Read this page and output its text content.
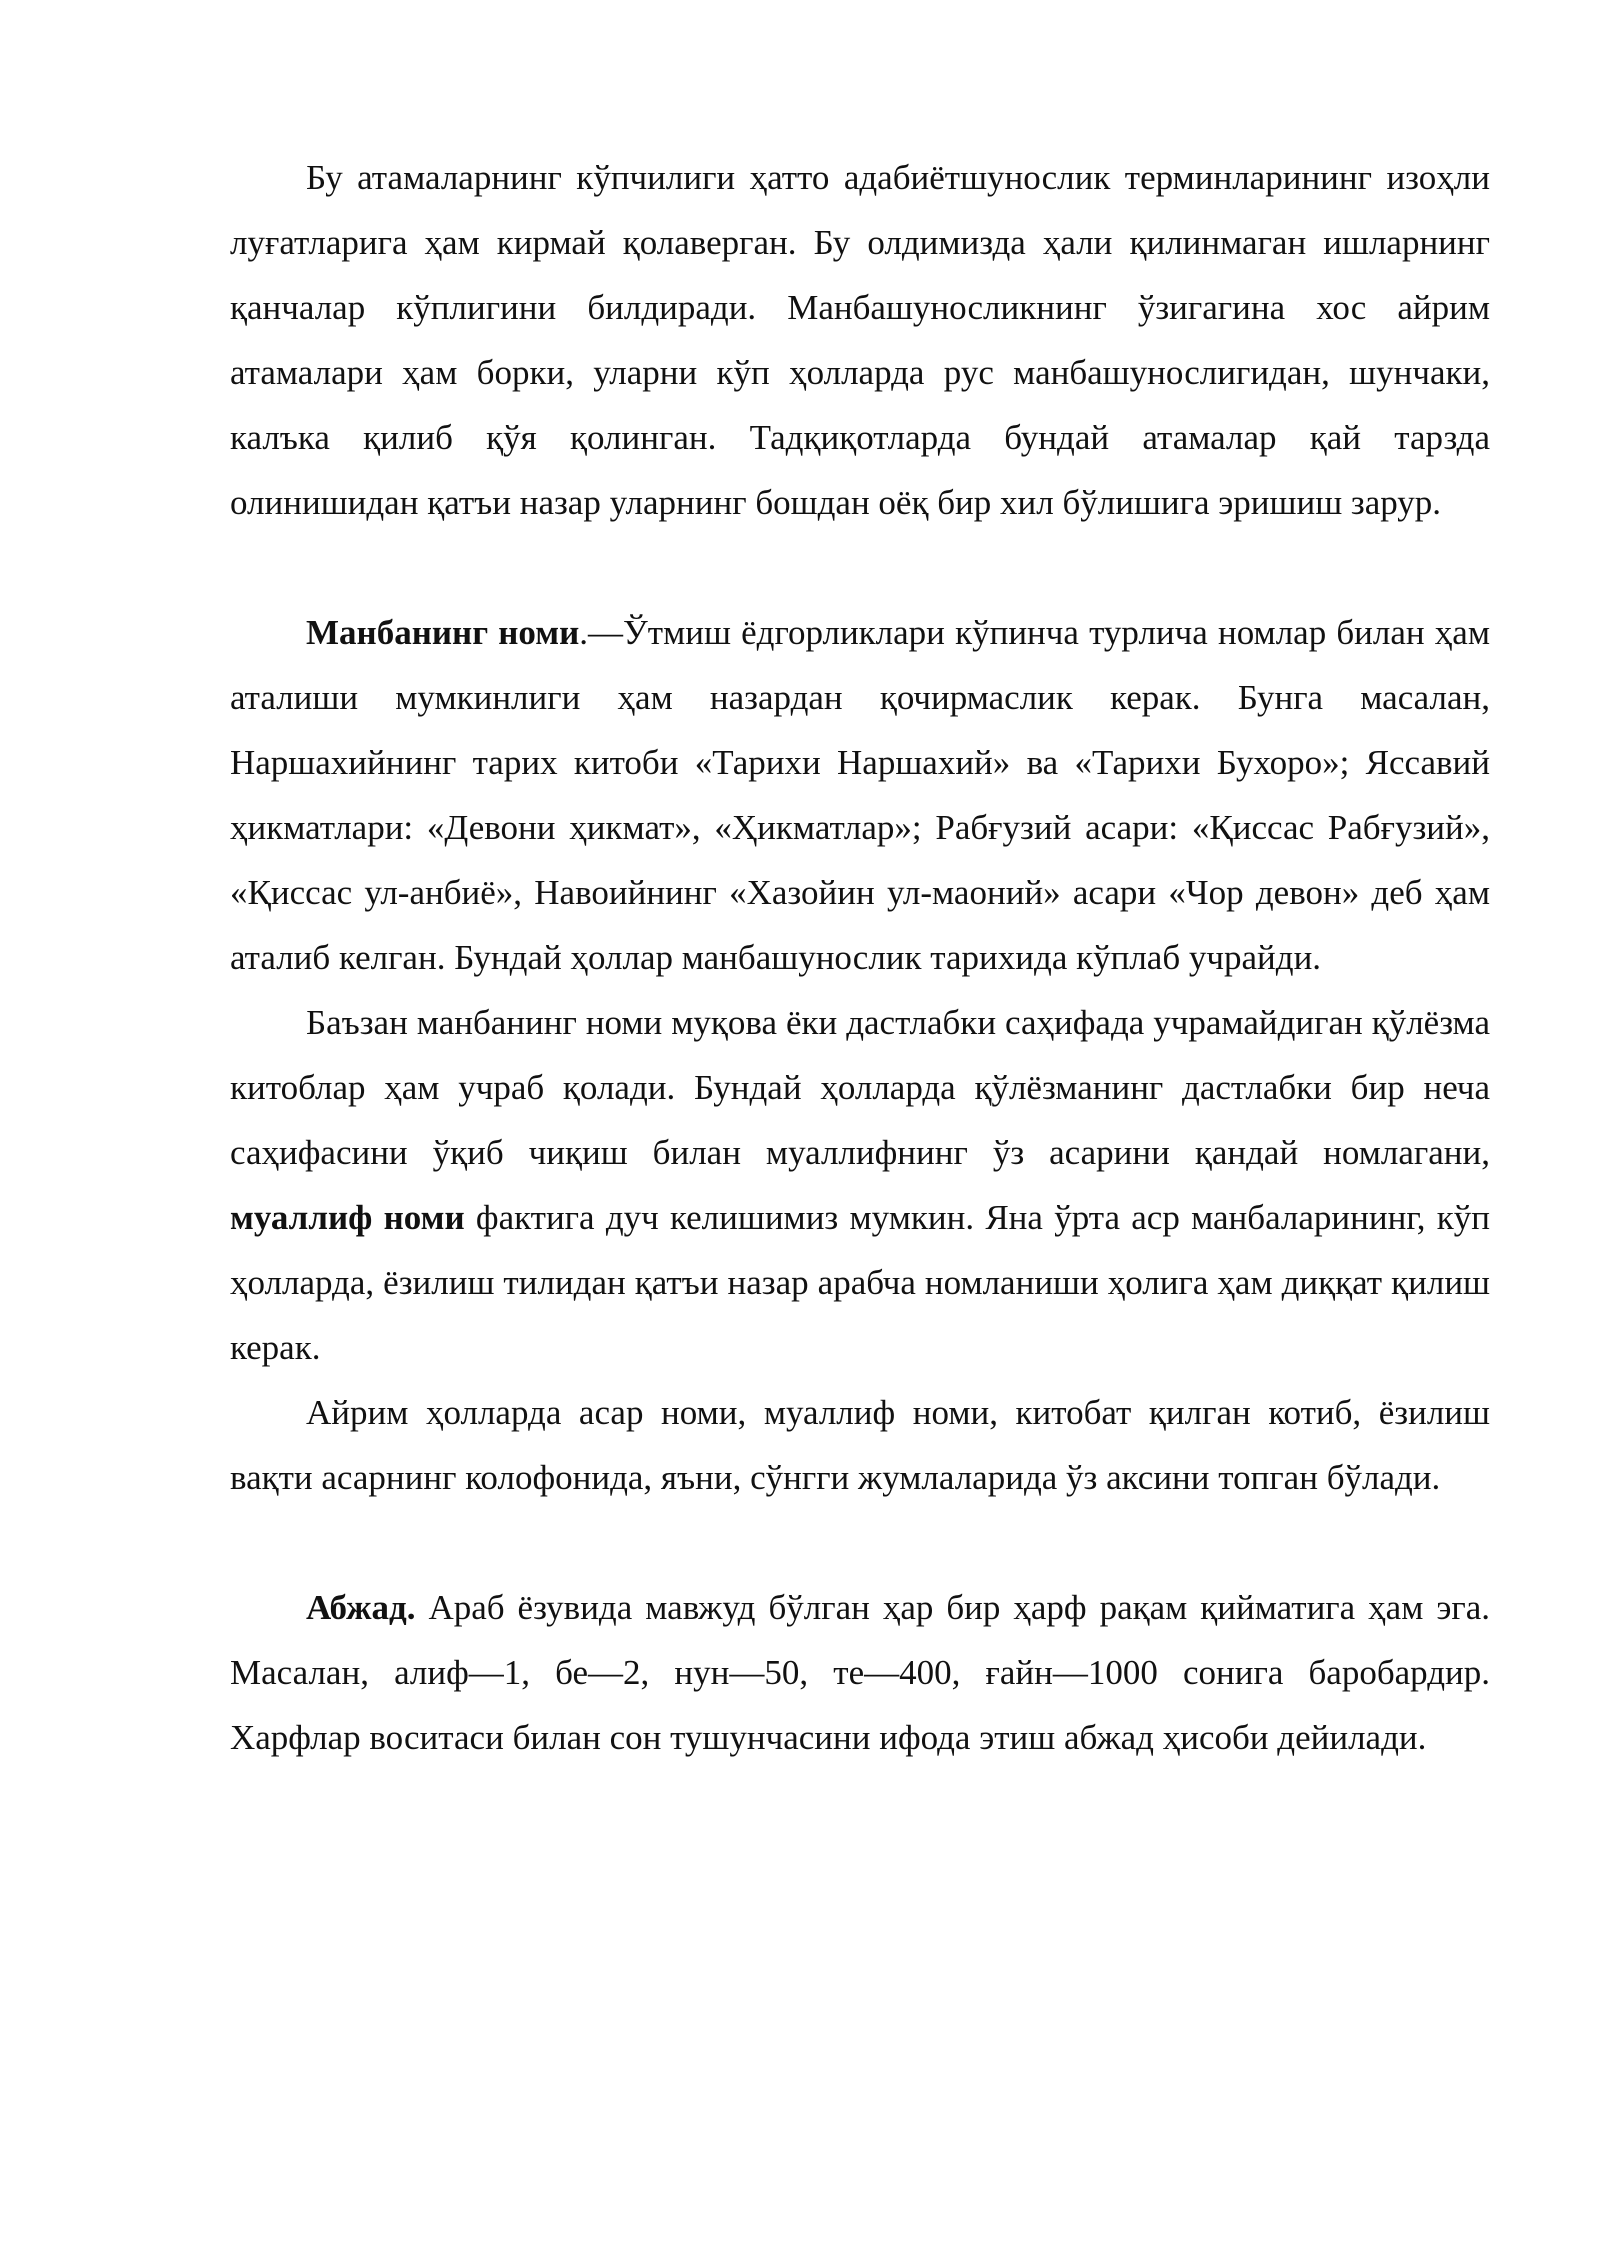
Бу атамаларнинг кўпчилиги ҳатто адабиётшунослик терминларининг изоҳли луғатларига ҳам кирмай қолаверган. Бу олдимизда ҳали қилинмаган ишларнинг қанчалар кўплигини билдиради. Манбашуносликнинг ўзигагина хос айрим атамалари ҳам борки, уларни кўп ҳолларда рус манбашунослигидан, шунчаки, калъка қилиб қўя қолинган. Тадқиқотларда бундай атамалар қай тарзда олинишидан қатъи назар уларнинг бошдан оёқ бир хил бўлишига эришиш зарур.

Манбанинг номи.—Ўтмиш ёдгорликлари кўпинча турлича номлар билан ҳам аталиши мумкинлиги ҳам назардан қочирмаслик керак. Бунга масалан, Наршахийнинг тарих китоби «Тарихи Наршахий» ва «Тарихи Бухоро»; Яссавий ҳикматлари: «Девони ҳикмат», «Ҳикматлар»; Рабғузий асари: «Қиссас Рабғузий», «Қиссас ул-анбиё», Навоийнинг «Хазойин ул-маоний» асари «Чор девон» деб ҳам аталиб келган. Бундай ҳоллар манбашунослик тарихида кўплаб учрайди.

Баъзан манбанинг номи муқова ёки дастлабки саҳифада учрамайдиган қўлёзма китоблар ҳам учраб қолади. Бундай ҳолларда қўлёзманинг дастлабки бир неча саҳифасини ўқиб чиқиш билан муаллифнинг ўз асарини қандай номлагани, муаллиф номи фактига дуч келишимиз мумкин. Яна ўрта аср манбаларининг, кўп ҳолларда, ёзилиш тилидан қатъи назар арабча номланиши ҳолига ҳам диққат қилиш керак.

Айрим ҳолларда асар номи, муаллиф номи, китобат қилган котиб, ёзилиш вақти асарнинг колофонида, яъни, сўнгги жумлаларида ўз аксини топган бўлади.

Абжад. Араб ёзувида мавжуд бўлган ҳар бир ҳарф рақам қийматига ҳам эга. Масалан, алиф—1, бе—2, нун—50, те—400, ғайн—1000 сонига баробардир. Харфлар воситаси билан сон тушунчасини ифода этиш абжад ҳисоби дейилади.
